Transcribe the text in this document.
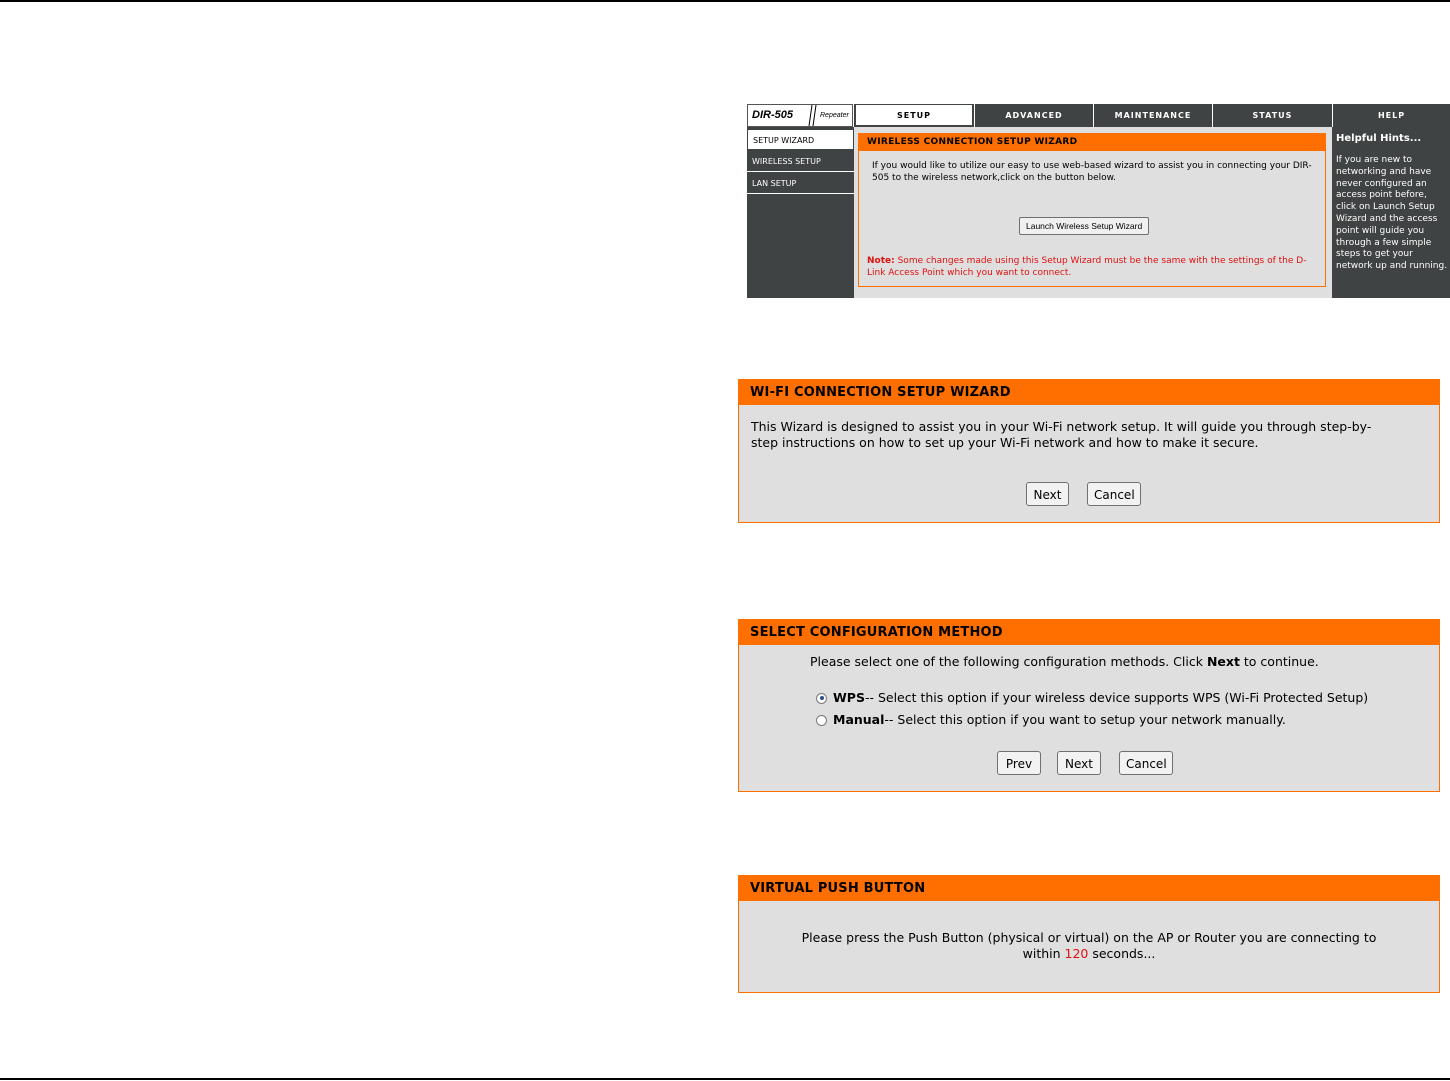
DIR-505	Repeater	SETUP	ADVANCED	MAINTENANCE	STATUS	HELP
SETUP WIZARD
WIRELESS SETUP
LAN SETUP
WIRELESS CONNECTION SETUP WIZARD
If you would like to utilize our easy to use web-based wizard to assist you in connecting your DIR-505 to the wireless network,click on the button below.
Launch Wireless Setup Wizard
Note: Some changes made using this Setup Wizard must be the same with the settings of the D-Link Access Point which you want to connect.
Helpful Hints...
If you are new to networking and have never configured an access point before, click on Launch Setup Wizard and the access point will guide you through a few simple steps to get your network up and running.
WI-FI CONNECTION SETUP WIZARD
This Wizard is designed to assist you in your Wi-Fi network setup. It will guide you through step-by-step instructions on how to set up your Wi-Fi network and how to make it secure.
Next	Cancel
SELECT CONFIGURATION METHOD
Please select one of the following configuration methods. Click Next to continue.
WPS -- Select this option if your wireless device supports WPS (Wi-Fi Protected Setup)
Manual -- Select this option if you want to setup your network manually.
Prev	Next	Cancel
VIRTUAL PUSH BUTTON
Please press the Push Button (physical or virtual) on the AP or Router you are connecting to
within 120 seconds...
